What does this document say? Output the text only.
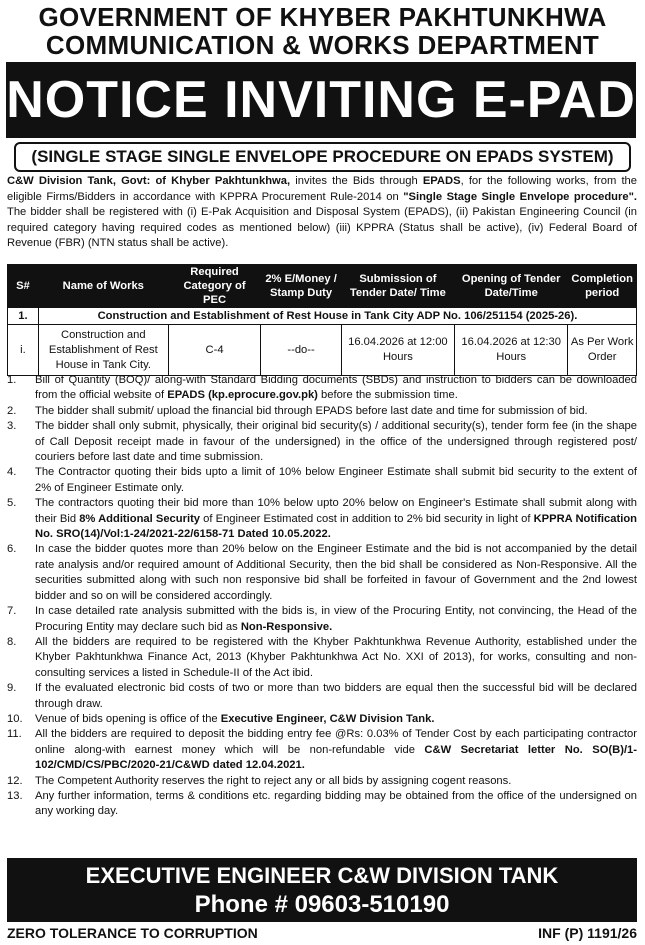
GOVERNMENT OF KHYBER PAKHTUNKHWA
COMMUNICATION & WORKS DEPARTMENT
NOTICE INVITING E-PAD
(SINGLE STAGE SINGLE ENVELOPE PROCEDURE ON EPADS SYSTEM)
C&W Division Tank, Govt: of Khyber Pakhtunkhwa, invites the Bids through EPADS, for the following works, from the eligible Firms/Bidders in accordance with KPPRA Procurement Rule-2014 on "Single Stage Single Envelope procedure". The bidder shall be registered with (i) E-Pak Acquisition and Disposal System (EPADS), (ii) Pakistan Engineering Council (in required category having required codes as mentioned below) (iii) KPPRA (Status shall be active), (iv) Federal Board of Revenue (FBR) (NTN status shall be active).
S#	Name of Works	Required Category of PEC	2% E/Money / Stamp Duty	Submission of Tender Date/ Time	Opening of Tender Date/Time	Completion period
1.	Construction and Establishment of Rest House in Tank City ADP No. 106/251154 (2025-26).					
i.	Construction and Establishment of Rest House in Tank City.	C-4	--do--	16.04.2026 at 12:00 Hours	16.04.2026 at 12:30 Hours	As Per Work Order
1. Bill of Quantity (BOQ)/ along-with Standard Bidding documents (SBDs) and instruction to bidders can be downloaded from the official website of EPADS (kp.eprocure.gov.pk) before the submission time.
2. The bidder shall submit/ upload the financial bid through EPADS before last date and time for submission of bid.
3. The bidder shall only submit, physically, their original bid security(s) / additional security(s), tender form fee (in the shape of Call Deposit receipt made in favour of the undersigned) in the office of the undersigned through registered post/ couriers before last date and time submission.
4. The Contractor quoting their bids upto a limit of 10% below Engineer Estimate shall submit bid security to the extent of 2% of Engineer Estimate only.
5. The contractors quoting their bid more than 10% below upto 20% below on Engineer's Estimate shall submit along with their Bid 8% Additional Security of Engineer Estimated cost in addition to 2% bid security in light of KPPRA Notification No. SRO(14)/Vol:1-24/2021-22/6158-71 Dated 10.05.2022.
6. In case the bidder quotes more than 20% below on the Engineer Estimate and the bid is not accompanied by the detail rate analysis and/or required amount of Additional Security, then the bid shall be considered as Non-Responsive. All the securities submitted along with such non responsive bid shall be forfeited in favour of Government and the 2nd lowest bidder and so on will be considered accordingly.
7. In case detailed rate analysis submitted with the bids is, in view of the Procuring Entity, not convincing, the Head of the Procuring Entity may declare such bid as Non-Responsive.
8. All the bidders are required to be registered with the Khyber Pakhtunkhwa Revenue Authority, established under the Khyber Pakhtunkhwa Finance Act, 2013 (Khyber Pakhtunkhwa Act No. XXI of 2013), for works, consulting and non-consulting services a listed in Schedule-II of the Act ibid.
9. If the evaluated electronic bid costs of two or more than two bidders are equal then the successful bid will be declared through draw.
10. Venue of bids opening is office of the Executive Engineer, C&W Division Tank.
11. All the bidders are required to deposit the bidding entry fee @Rs: 0.03% of Tender Cost by each participating contractor online along-with earnest money which will be non-refundable vide C&W Secretariat letter No. SO(B)/1-102/CMD/CS/PBC/2020-21/C&WD dated 12.04.2021.
12. The Competent Authority reserves the right to reject any or all bids by assigning cogent reasons.
13. Any further information, terms & conditions etc. regarding bidding may be obtained from the office of the undersigned on any working day.
EXECUTIVE ENGINEER C&W DIVISION TANK
Phone # 09603-510190
ZERO TOLERANCE TO CORRUPTION	INF (P) 1191/26
